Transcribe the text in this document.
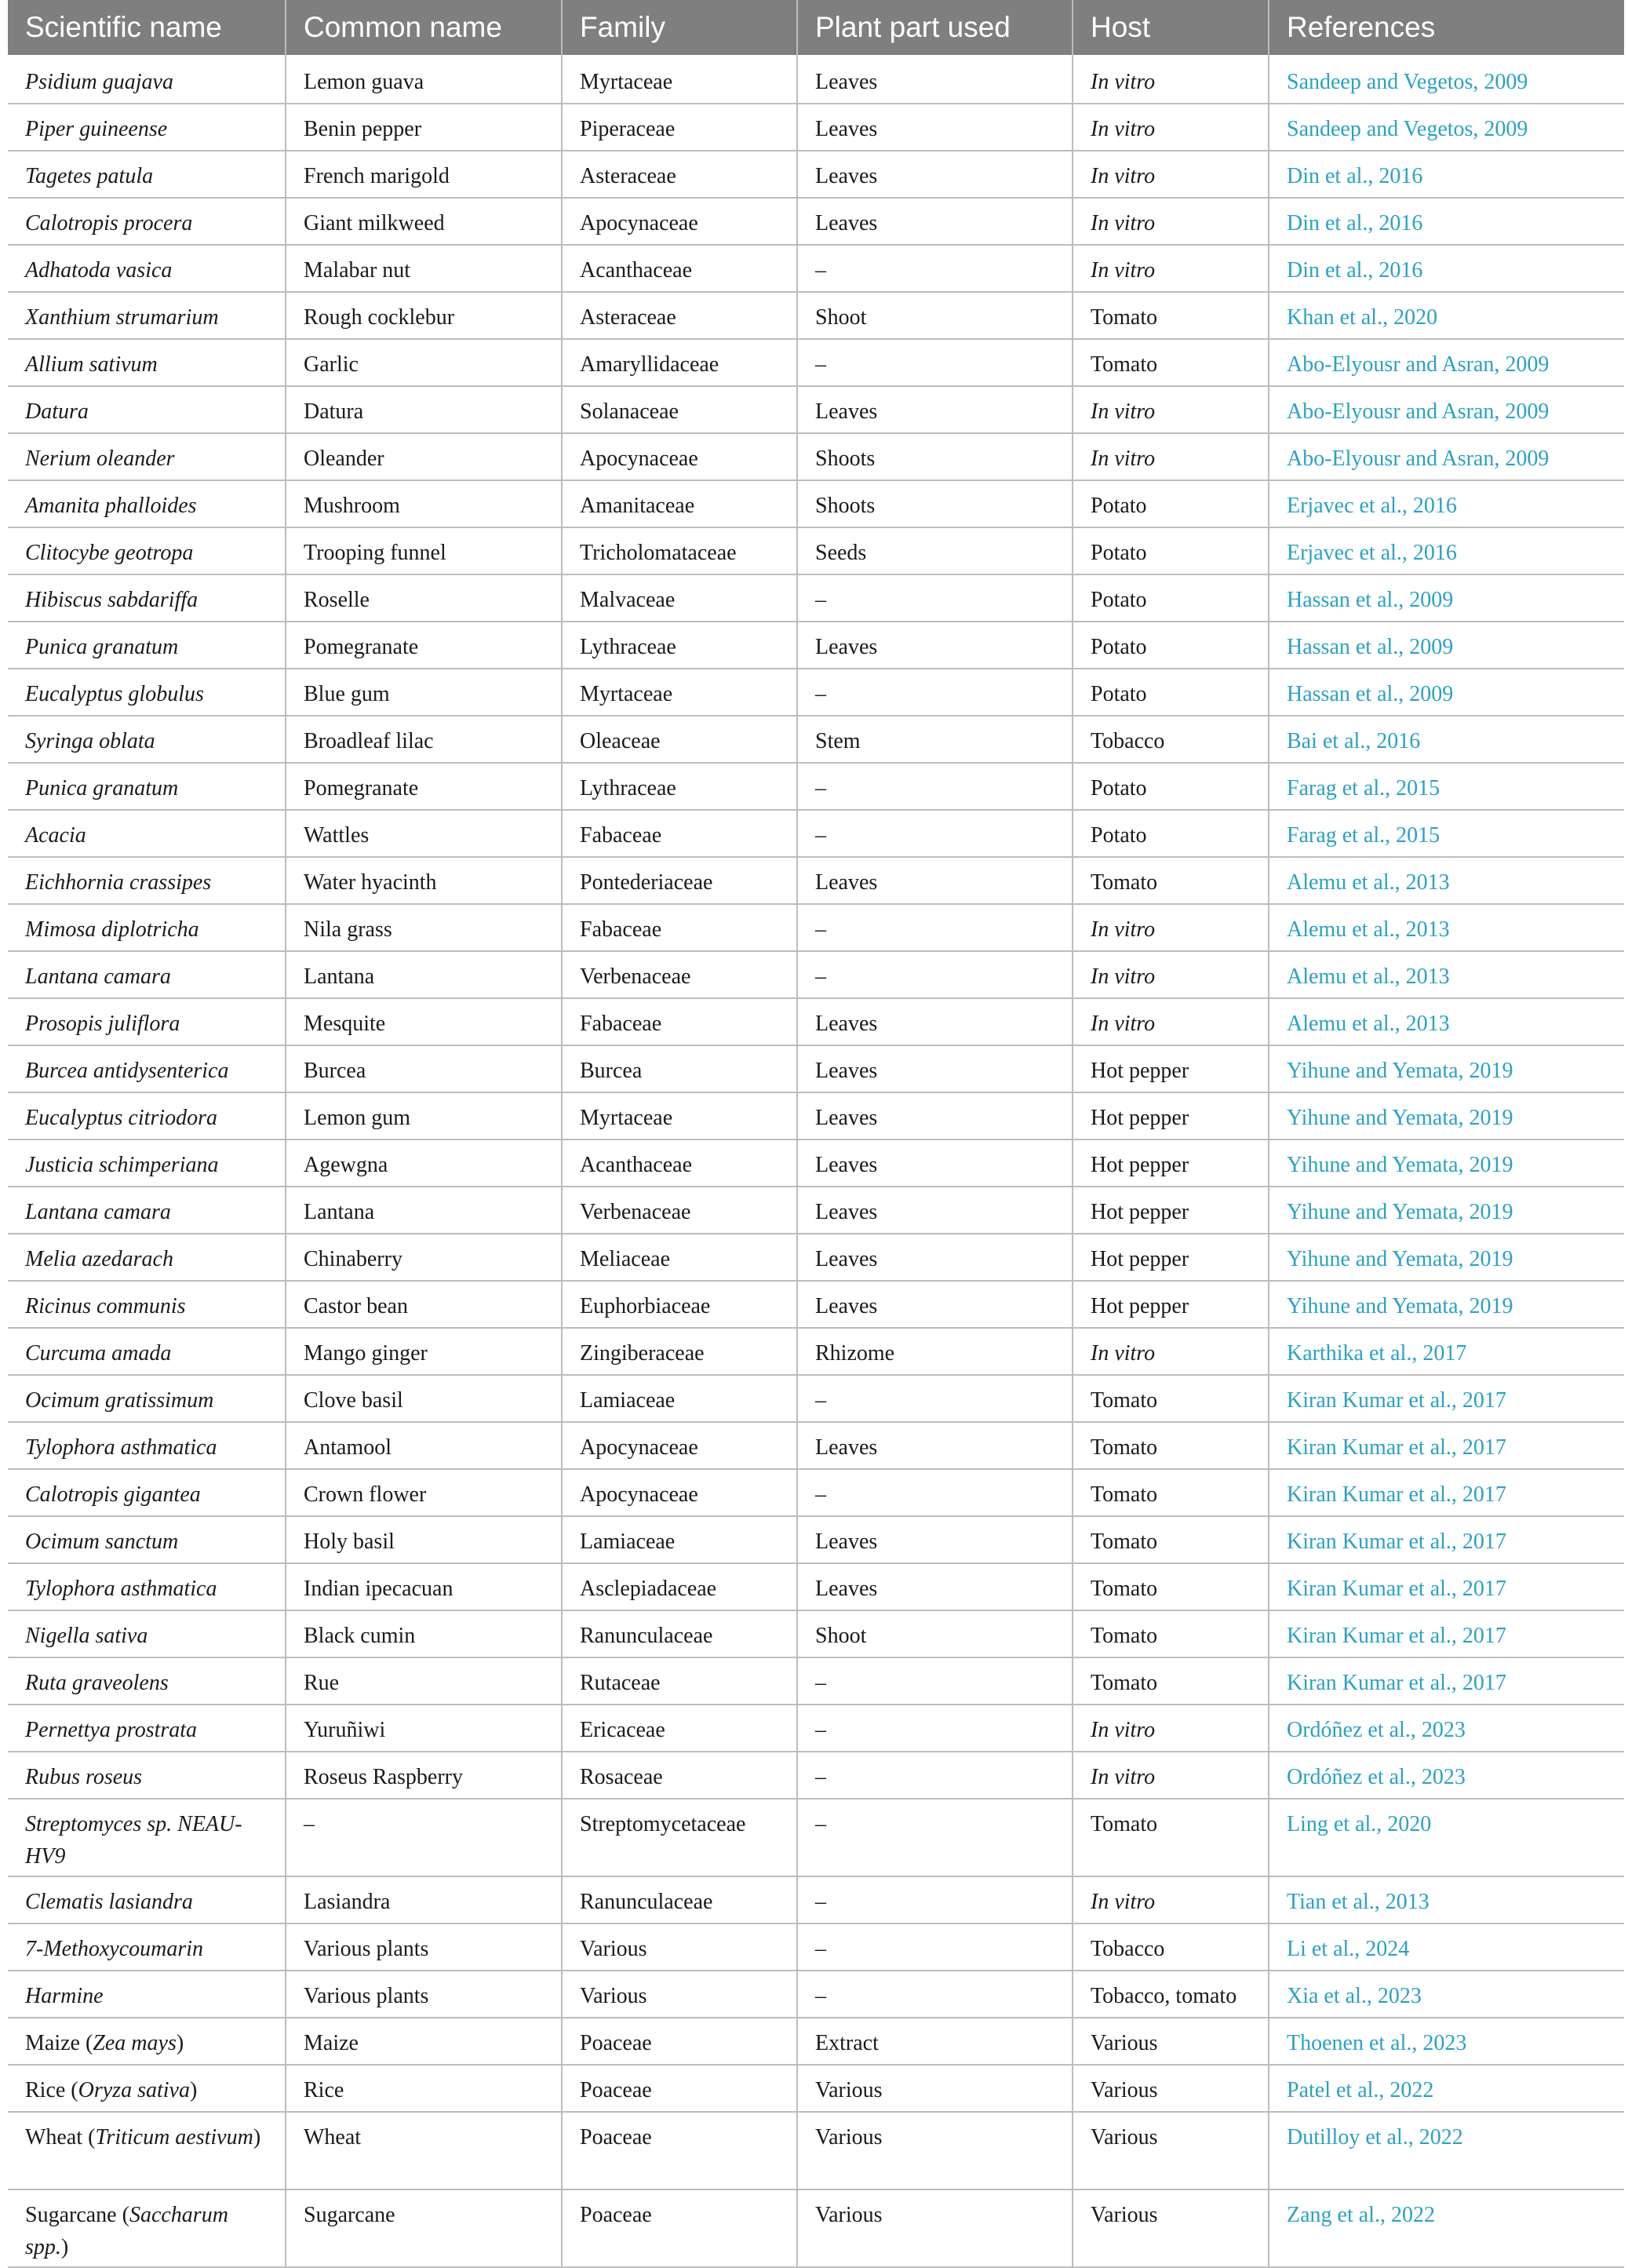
Scientific name	Common name	Family	Plant part used	Host	References
Psidium guajava	Lemon guava	Myrtaceae	Leaves	In vitro	Sandeep and Vegetos, 2009
Piper guineense	Benin pepper	Piperaceae	Leaves	In vitro	Sandeep and Vegetos, 2009
Tagetes patula	French marigold	Asteraceae	Leaves	In vitro	Din et al., 2016
Calotropis procera	Giant milkweed	Apocynaceae	Leaves	In vitro	Din et al., 2016
Adhatoda vasica	Malabar nut	Acanthaceae	–	In vitro	Din et al., 2016
Xanthium strumarium	Rough cocklebur	Asteraceae	Shoot	Tomato	Khan et al., 2020
Allium sativum	Garlic	Amaryllidaceae	–	Tomato	Abo-Elyousr and Asran, 2009
Datura	Datura	Solanaceae	Leaves	In vitro	Abo-Elyousr and Asran, 2009
Nerium oleander	Oleander	Apocynaceae	Shoots	In vitro	Abo-Elyousr and Asran, 2009
Amanita phalloides	Mushroom	Amanitaceae	Shoots	Potato	Erjavec et al., 2016
Clitocybe geotropa	Trooping funnel	Tricholomataceae	Seeds	Potato	Erjavec et al., 2016
Hibiscus sabdariffa	Roselle	Malvaceae	–	Potato	Hassan et al., 2009
Punica granatum	Pomegranate	Lythraceae	Leaves	Potato	Hassan et al., 2009
Eucalyptus globulus	Blue gum	Myrtaceae	–	Potato	Hassan et al., 2009
Syringa oblata	Broadleaf lilac	Oleaceae	Stem	Tobacco	Bai et al., 2016
Punica granatum	Pomegranate	Lythraceae	–	Potato	Farag et al., 2015
Acacia	Wattles	Fabaceae	–	Potato	Farag et al., 2015
Eichhornia crassipes	Water hyacinth	Pontederiaceae	Leaves	Tomato	Alemu et al., 2013
Mimosa diplotricha	Nila grass	Fabaceae	–	In vitro	Alemu et al., 2013
Lantana camara	Lantana	Verbenaceae	–	In vitro	Alemu et al., 2013
Prosopis juliflora	Mesquite	Fabaceae	Leaves	In vitro	Alemu et al., 2013
Burcea antidysenterica	Burcea	Burcea	Leaves	Hot pepper	Yihune and Yemata, 2019
Eucalyptus citriodora	Lemon gum	Myrtaceae	Leaves	Hot pepper	Yihune and Yemata, 2019
Justicia schimperiana	Agewgna	Acanthaceae	Leaves	Hot pepper	Yihune and Yemata, 2019
Lantana camara	Lantana	Verbenaceae	Leaves	Hot pepper	Yihune and Yemata, 2019
Melia azedarach	Chinaberry	Meliaceae	Leaves	Hot pepper	Yihune and Yemata, 2019
Ricinus communis	Castor bean	Euphorbiaceae	Leaves	Hot pepper	Yihune and Yemata, 2019
Curcuma amada	Mango ginger	Zingiberaceae	Rhizome	In vitro	Karthika et al., 2017
Ocimum gratissimum	Clove basil	Lamiaceae	–	Tomato	Kiran Kumar et al., 2017
Tylophora asthmatica	Antamool	Apocynaceae	Leaves	Tomato	Kiran Kumar et al., 2017
Calotropis gigantea	Crown flower	Apocynaceae	–	Tomato	Kiran Kumar et al., 2017
Ocimum sanctum	Holy basil	Lamiaceae	Leaves	Tomato	Kiran Kumar et al., 2017
Tylophora asthmatica	Indian ipecacuan	Asclepiadaceae	Leaves	Tomato	Kiran Kumar et al., 2017
Nigella sativa	Black cumin	Ranunculaceae	Shoot	Tomato	Kiran Kumar et al., 2017
Ruta graveolens	Rue	Rutaceae	–	Tomato	Kiran Kumar et al., 2017
Pernettya prostrata	Yuruñiwi	Ericaceae	–	In vitro	Ordóñez et al., 2023
Rubus roseus	Roseus Raspberry	Rosaceae	–	In vitro	Ordóñez et al., 2023
Streptomyces sp. NEAU-HV9	–	Streptomycetaceae	–	Tomato	Ling et al., 2020
Clematis lasiandra	Lasiandra	Ranunculaceae	–	In vitro	Tian et al., 2013
7-Methoxycoumarin	Various plants	Various	–	Tobacco	Li et al., 2024
Harmine	Various plants	Various	–	Tobacco, tomato	Xia et al., 2023
Maize (Zea mays)	Maize	Poaceae	Extract	Various	Thoenen et al., 2023
Rice (Oryza sativa)	Rice	Poaceae	Various	Various	Patel et al., 2022
Wheat (Triticum aestivum)	Wheat	Poaceae	Various	Various	Dutilloy et al., 2022
Sugarcane (Saccharum spp.)	Sugarcane	Poaceae	Various	Various	Zang et al., 2022
